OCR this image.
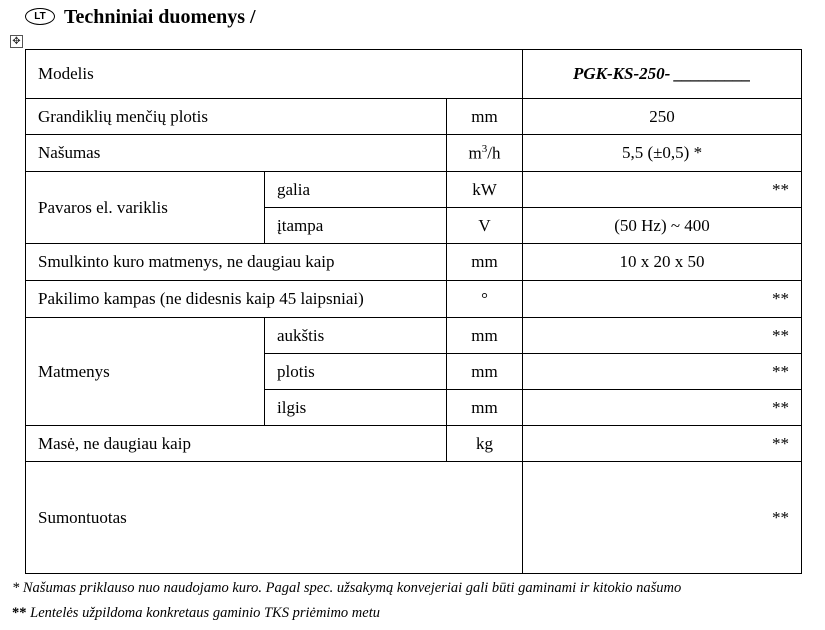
LT Techniniai duomenys /
✥
Modelis			PGK-KS-250- _________
Grandiklių menčių plotis		mm	250
Našumas		$m^3/h$	5,5 (±0,5) *
Pavaros el. variklis	galia	kW	**
	įtampa	V	(50 Hz) ~ 400
Smulkinto kuro matmenys, ne daugiau kaip		mm	10 x 20 x 50
Pakilimo kampas (ne didesnis kaip 45 laipsniai)		°	**
Matmenys	aukštis	mm	**
	plotis	mm	**
	ilgis	mm	**
Masė, ne daugiau kaip		kg	**
Sumontuotas			**
* Našumas priklauso nuo naudojamo kuro. Pagal spec. užsakymą konvejeriai gali būti gaminami ir kitokio našumo
** Lentelės užpildoma konkretaus gaminio TKS priėmimo metu
